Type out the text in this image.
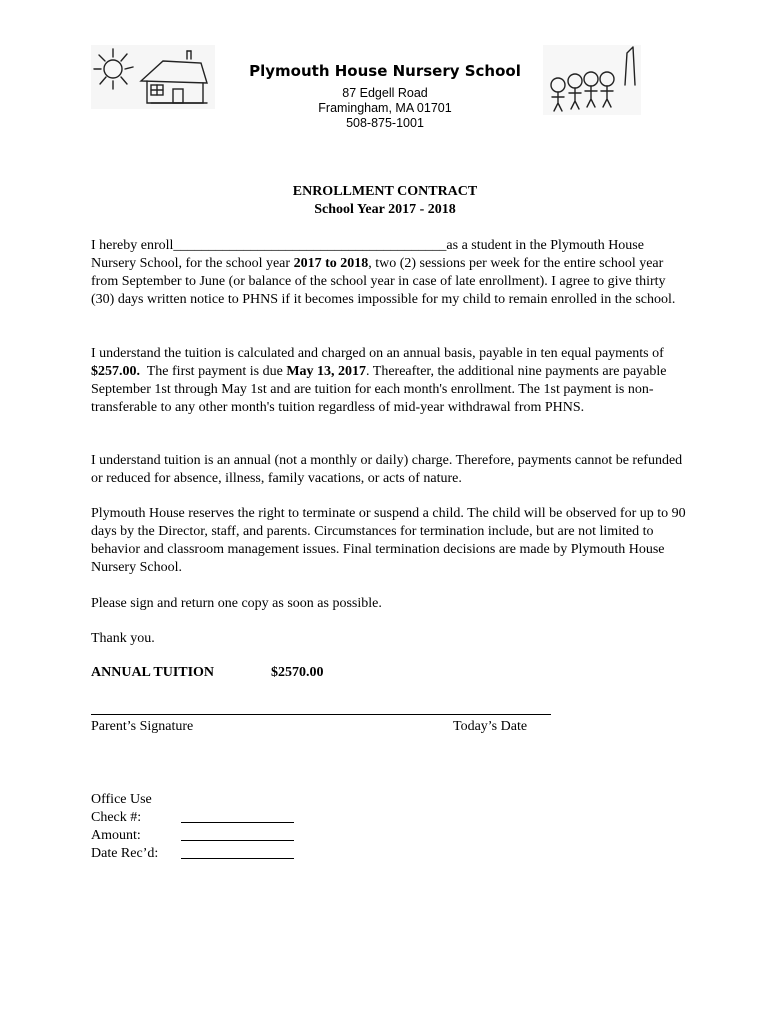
Plymouth House Nursery School
87 Edgell Road
Framingham, MA 01701
508-875-1001
ENROLLMENT CONTRACT
School Year 2017 - 2018

I hereby enroll_______________________________________as a student in the Plymouth House Nursery School, for the school year 2017 to 2018, two (2) sessions per week for the entire school year from September to June (or balance of the school year in case of late enrollment). I agree to give thirty (30) days written notice to PHNS if it becomes impossible for my child to remain enrolled in the school.

I understand the tuition is calculated and charged on an annual basis, payable in ten equal payments of $257.00.  The first payment is due May 13, 2017. Thereafter, the additional nine payments are payable September 1st through May 1st and are tuition for each month's enrollment. The 1st payment is non-transferable to any other month's tuition regardless of mid-year withdrawal from PHNS.

I understand tuition is an annual (not a monthly or daily) charge. Therefore, payments cannot be refunded or reduced for absence, illness, family vacations, or acts of nature.

Plymouth House reserves the right to terminate or suspend a child. The child will be observed for up to 90 days by the Director, staff, and parents. Circumstances for termination include, but are not limited to behavior and classroom management issues. Final termination decisions are made by Plymouth House Nursery School.

Please sign and return one copy as soon as possible.

Thank you.

ANNUAL TUITION	$2570.00
Parent’s Signature	Today’s Date
Office Use
Check #:
Amount:
Date Rec’d:
